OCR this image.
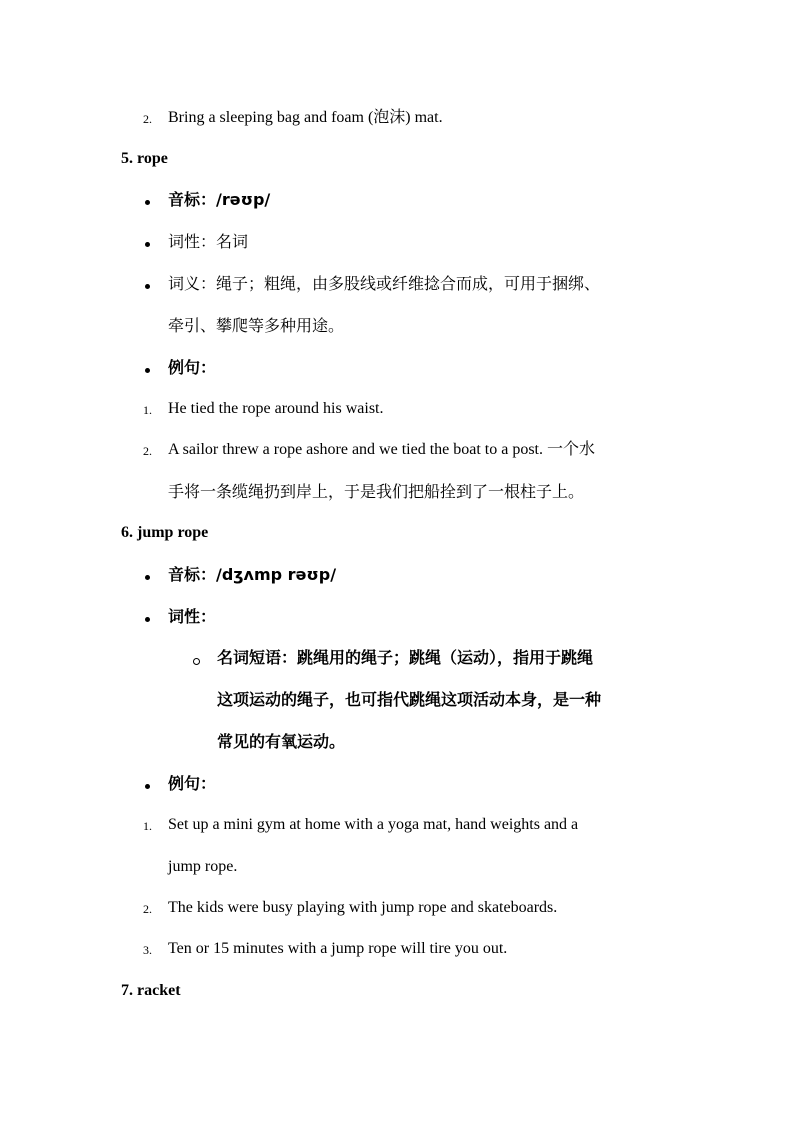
2. Bring a sleeping bag and foam (泡沫) mat.
5. rope
音标：/rəʊp/
词性：名词
词义：绳子；粗绳，由多股线或纤维捻合而成，可用于捆绑、
牵引、攀爬等多种用途。
例句：
1. He tied the rope around his waist.
2. A sailor threw a rope ashore and we tied the boat to a post. 一个水
手将一条缆绳扔到岸上，于是我们把船拴到了一根柱子上。
6. jump rope
音标：/dʒʌmp rəʊp/
词性：
名词短语：跳绳用的绳子；跳绳（运动），指用于跳绳
这项运动的绳子，也可指代跳绳这项活动本身，是一种
常见的有氧运动。
例句：
1. Set up a mini gym at home with a yoga mat, hand weights and a
jump rope.
2. The kids were busy playing with jump rope and skateboards.
3. Ten or 15 minutes with a jump rope will tire you out.
7. racket
